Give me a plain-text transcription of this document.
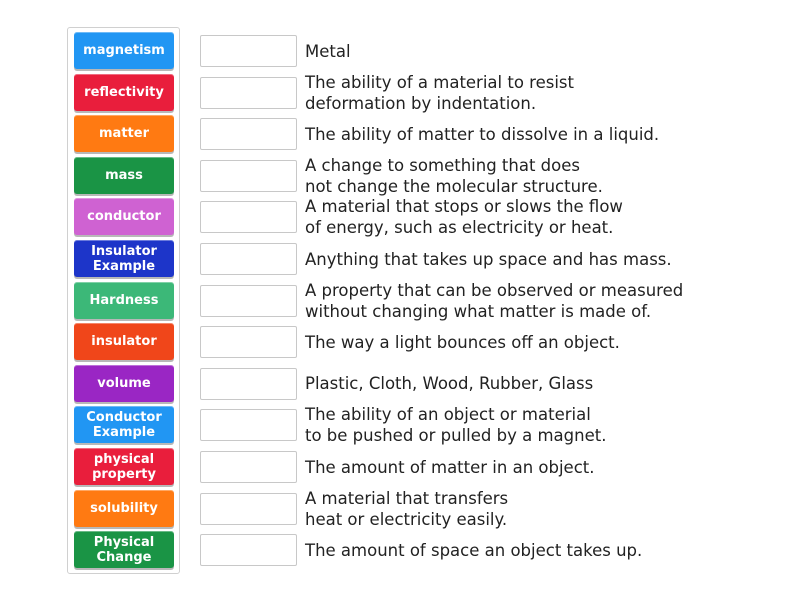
magnetism
reflectivity
matter
mass
conductor
Insulator
Example
Hardness
insulator
volume
Conductor
Example
physical
property
solubility
Physical
Change
Metal
The ability of a material to resist
deformation by indentation.
The ability of matter to dissolve in a liquid.
A change to something that does
not change the molecular structure.
A material that stops or slows the flow
of energy, such as electricity or heat.
Anything that takes up space and has mass.
A property that can be observed or measured
without changing what matter is made of.
The way a light bounces off an object.
Plastic, Cloth, Wood, Rubber, Glass
The ability of an object or material
to be pushed or pulled by a magnet.
The amount of matter in an object.
A material that transfers
heat or electricity easily.
The amount of space an object takes up.
